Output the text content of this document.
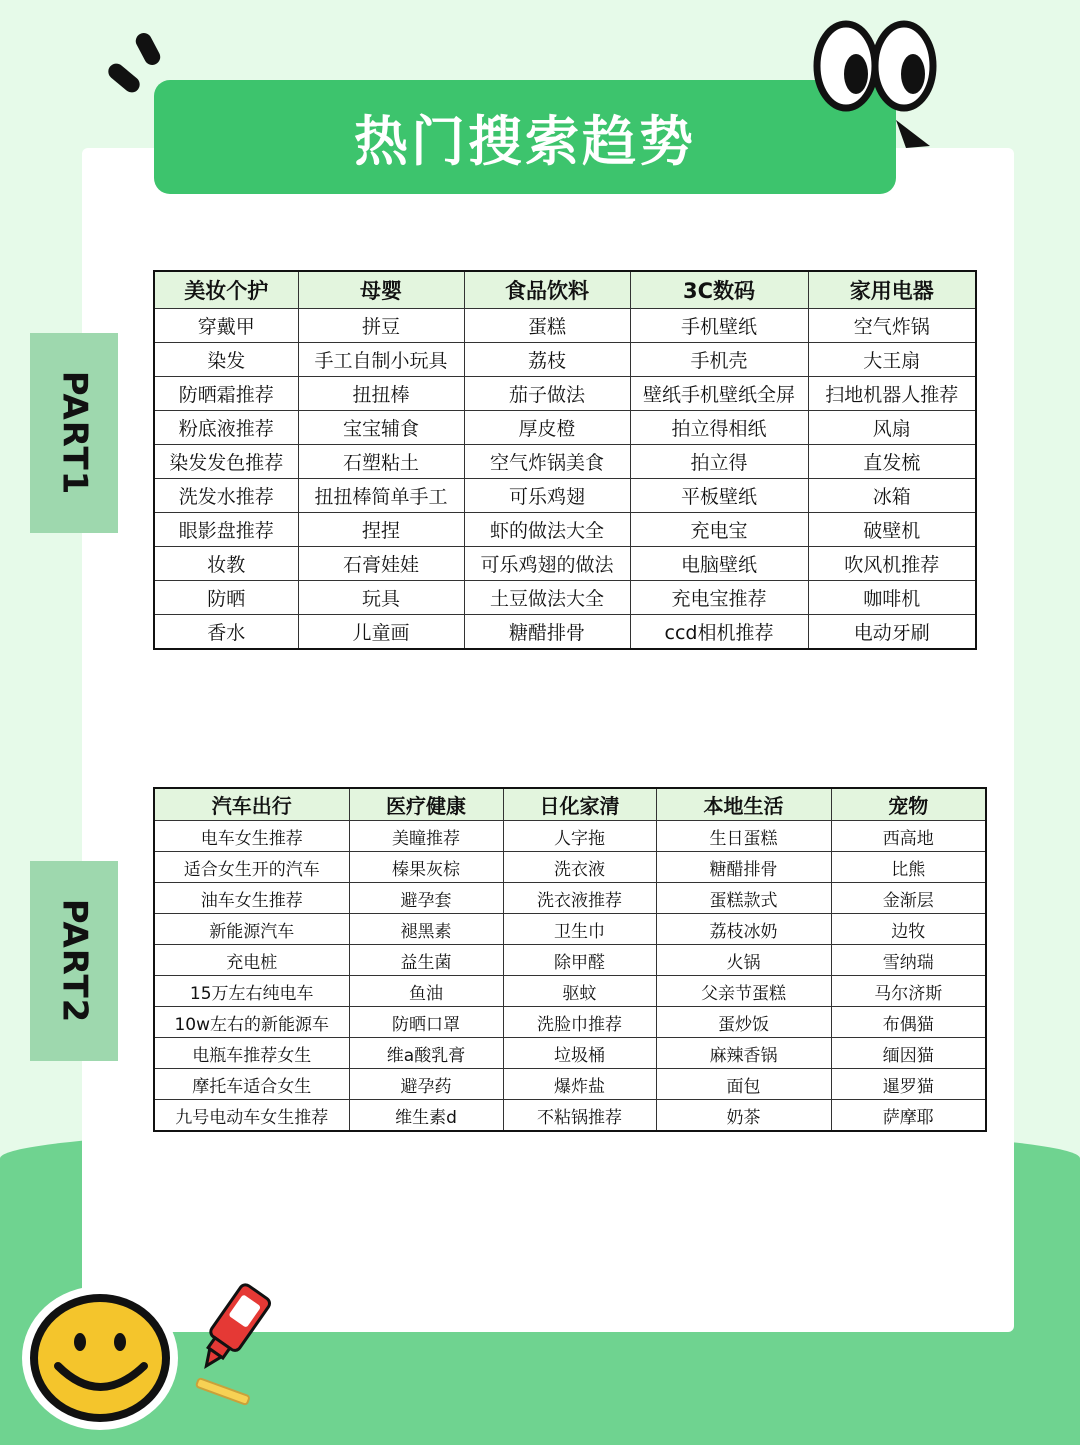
热门搜索趋势
PART1
PART2
美妆个护	母婴	食品饮料	3C数码	家用电器
穿戴甲	拼豆	蛋糕	手机壁纸	空气炸锅
染发	手工自制小玩具	荔枝	手机壳	大王扇
防晒霜推荐	扭扭棒	茄子做法	壁纸手机壁纸全屏	扫地机器人推荐
粉底液推荐	宝宝辅食	厚皮橙	拍立得相纸	风扇
染发发色推荐	石塑粘土	空气炸锅美食	拍立得	直发梳
洗发水推荐	扭扭棒简单手工	可乐鸡翅	平板壁纸	冰箱
眼影盘推荐	捏捏	虾的做法大全	充电宝	破壁机
妆教	石膏娃娃	可乐鸡翅的做法	电脑壁纸	吹风机推荐
防晒	玩具	土豆做法大全	充电宝推荐	咖啡机
香水	儿童画	糖醋排骨	ccd相机推荐	电动牙刷
汽车出行	医疗健康	日化家清	本地生活	宠物
电车女生推荐	美瞳推荐	人字拖	生日蛋糕	西高地
适合女生开的汽车	榛果灰棕	洗衣液	糖醋排骨	比熊
油车女生推荐	避孕套	洗衣液推荐	蛋糕款式	金渐层
新能源汽车	褪黑素	卫生巾	荔枝冰奶	边牧
充电桩	益生菌	除甲醛	火锅	雪纳瑞
15万左右纯电车	鱼油	驱蚊	父亲节蛋糕	马尔济斯
10w左右的新能源车	防晒口罩	洗脸巾推荐	蛋炒饭	布偶猫
电瓶车推荐女生	维a酸乳膏	垃圾桶	麻辣香锅	缅因猫
摩托车适合女生	避孕药	爆炸盐	面包	暹罗猫
九号电动车女生推荐	维生素d	不粘锅推荐	奶茶	萨摩耶
